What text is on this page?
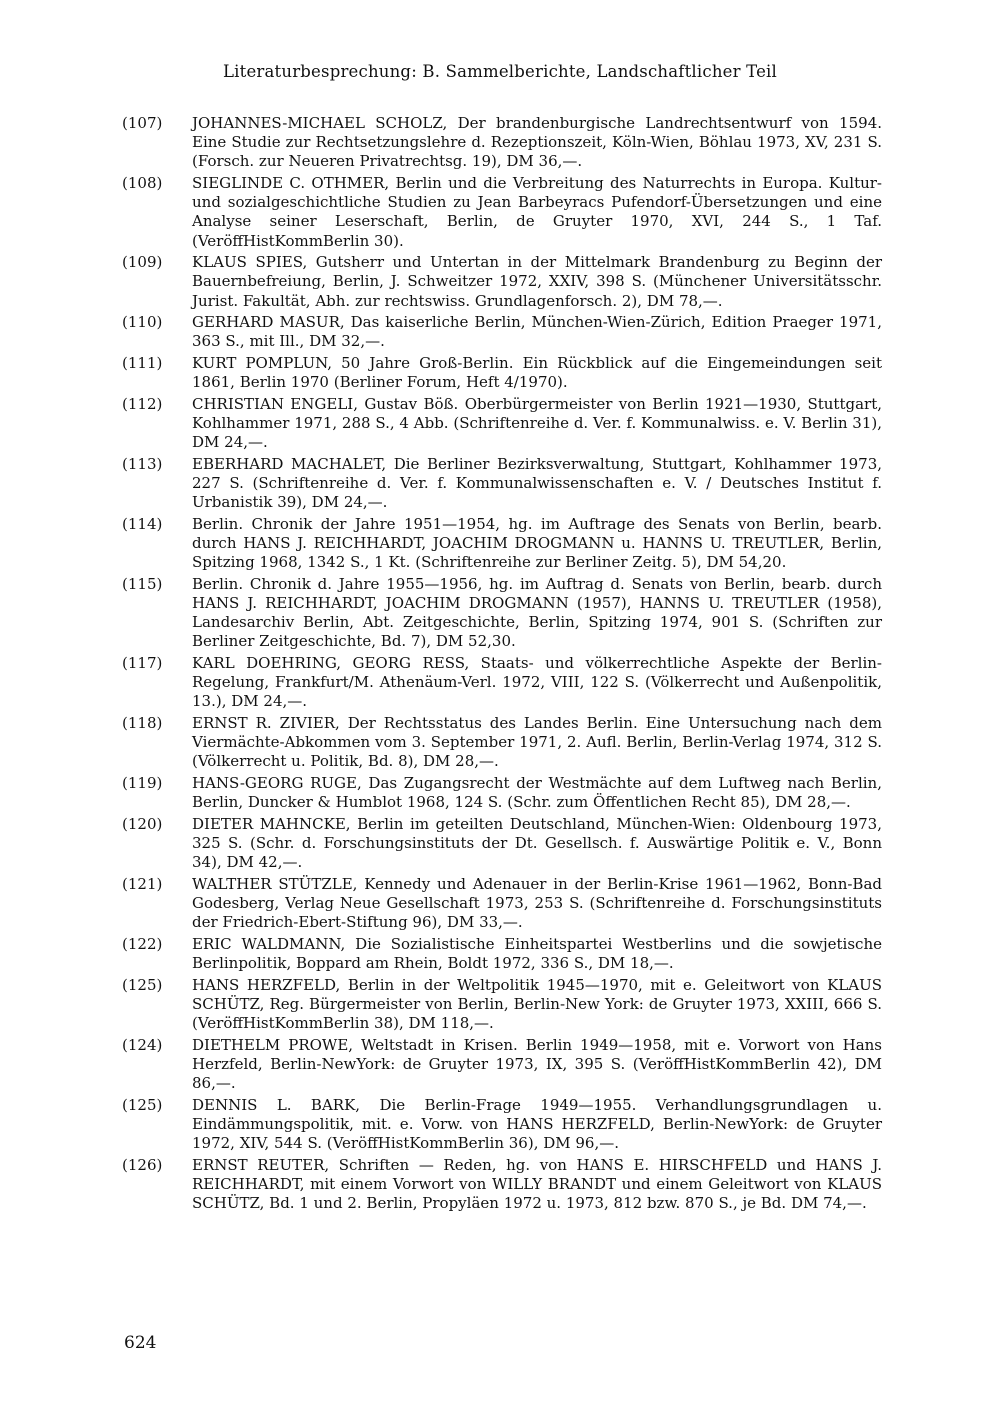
Literaturbesprechung: B. Sammelberichte, Landschaftlicher Teil
(107)	JOHANNES-MICHAEL SCHOLZ, Der brandenburgische Landrechtsentwurf von 1594. Eine Studie zur Rechtsetzungslehre d. Rezeptionszeit, Köln-Wien, Böhlau 1973, XV, 231 S. (Forsch. zur Neueren Privatrechtsg. 19), DM 36,—.
(108)	SIEGLINDE C. OTHMER, Berlin und die Verbreitung des Naturrechts in Europa. Kultur- und sozialgeschichtliche Studien zu Jean Barbeyracs Pufendorf-Übersetzungen und eine Analyse seiner Leserschaft, Berlin, de Gruyter 1970, XVI, 244 S., 1 Taf. (VeröffHistKommBerlin 30).
(109)	KLAUS SPIES, Gutsherr und Untertan in der Mittelmark Brandenburg zu Beginn der Bauernbefreiung, Berlin, J. Schweitzer 1972, XXIV, 398 S. (Münchener Universitätsschr. Jurist. Fakultät, Abh. zur rechtswiss. Grundlagenforsch. 2), DM 78,—.
(110)	GERHARD MASUR, Das kaiserliche Berlin, München-Wien-Zürich, Edition Praeger 1971, 363 S., mit Ill., DM 32,—.
(111)	KURT POMPLUN, 50 Jahre Groß-Berlin. Ein Rückblick auf die Eingemeindungen seit 1861, Berlin 1970 (Berliner Forum, Heft 4/1970).
(112)	CHRISTIAN ENGELI, Gustav Böß. Oberbürgermeister von Berlin 1921—1930, Stuttgart, Kohlhammer 1971, 288 S., 4 Abb. (Schriftenreihe d. Ver. f. Kommunalwiss. e. V. Berlin 31), DM 24,—.
(113)	EBERHARD MACHALET, Die Berliner Bezirksverwaltung, Stuttgart, Kohlhammer 1973, 227 S. (Schriftenreihe d. Ver. f. Kommunalwissenschaften e. V. / Deutsches Institut f. Urbanistik 39), DM 24,—.
(114)	Berlin. Chronik der Jahre 1951—1954, hg. im Auftrage des Senats von Berlin, bearb. durch HANS J. REICHHARDT, JOACHIM DROGMANN u. HANNS U. TREUTLER, Berlin, Spitzing 1968, 1342 S., 1 Kt. (Schriftenreihe zur Berliner Zeitg. 5), DM 54,20.
(115)	Berlin. Chronik d. Jahre 1955—1956, hg. im Auftrag d. Senats von Berlin, bearb. durch HANS J. REICHHARDT, JOACHIM DROGMANN (1957), HANNS U. TREUTLER (1958), Landesarchiv Berlin, Abt. Zeitgeschichte, Berlin, Spitzing 1974, 901 S. (Schriften zur Berliner Zeitgeschichte, Bd. 7), DM 52,30.
(117)	KARL DOEHRING, GEORG RESS, Staats- und völkerrechtliche Aspekte der Berlin-Regelung, Frankfurt/M. Athenäum-Verl. 1972, VIII, 122 S. (Völkerrecht und Außenpolitik, 13.), DM 24,—.
(118)	ERNST R. ZIVIER, Der Rechtsstatus des Landes Berlin. Eine Untersuchung nach dem Viermächte-Abkommen vom 3. September 1971, 2. Aufl. Berlin, Berlin-Verlag 1974, 312 S. (Völkerrecht u. Politik, Bd. 8), DM 28,—.
(119)	HANS-GEORG RUGE, Das Zugangsrecht der Westmächte auf dem Luftweg nach Berlin, Berlin, Duncker & Humblot 1968, 124 S. (Schr. zum Öffentlichen Recht 85), DM 28,—.
(120)	DIETER MAHNCKE, Berlin im geteilten Deutschland, München-Wien: Oldenbourg 1973, 325 S. (Schr. d. Forschungsinstituts der Dt. Gesellsch. f. Auswärtige Politik e. V., Bonn 34), DM 42,—.
(121)	WALTHER STÜTZLE, Kennedy und Adenauer in der Berlin-Krise 1961—1962, Bonn-Bad Godesberg, Verlag Neue Gesellschaft 1973, 253 S. (Schriftenreihe d. Forschungsinstituts der Friedrich-Ebert-Stiftung 96), DM 33,—.
(122)	ERIC WALDMANN, Die Sozialistische Einheitspartei Westberlins und die sowjetische Berlinpolitik, Boppard am Rhein, Boldt 1972, 336 S., DM 18,—.
(125)	HANS HERZFELD, Berlin in der Weltpolitik 1945—1970, mit e. Geleitwort von KLAUS SCHÜTZ, Reg. Bürgermeister von Berlin, Berlin-New York: de Gruyter 1973, XXIII, 666 S. (VeröffHistKommBerlin 38), DM 118,—.
(124)	DIETHELM PROWE, Weltstadt in Krisen. Berlin 1949—1958, mit e. Vorwort von Hans Herzfeld, Berlin-NewYork: de Gruyter 1973, IX, 395 S. (VeröffHistKommBerlin 42), DM 86,—.
(125)	DENNIS L. BARK, Die Berlin-Frage 1949—1955. Verhandlungsgrundlagen u. Eindämmungspolitik, mit. e. Vorw. von HANS HERZFELD, Berlin-NewYork: de Gruyter 1972, XIV, 544 S. (VeröffHistKommBerlin 36), DM 96,—.
(126)	ERNST REUTER, Schriften — Reden, hg. von HANS E. HIRSCHFELD und HANS J. REICHHARDT, mit einem Vorwort von WILLY BRANDT und einem Geleitwort von KLAUS SCHÜTZ, Bd. 1 und 2. Berlin, Propyläen 1972 u. 1973, 812 bzw. 870 S., je Bd. DM 74,—.
624
